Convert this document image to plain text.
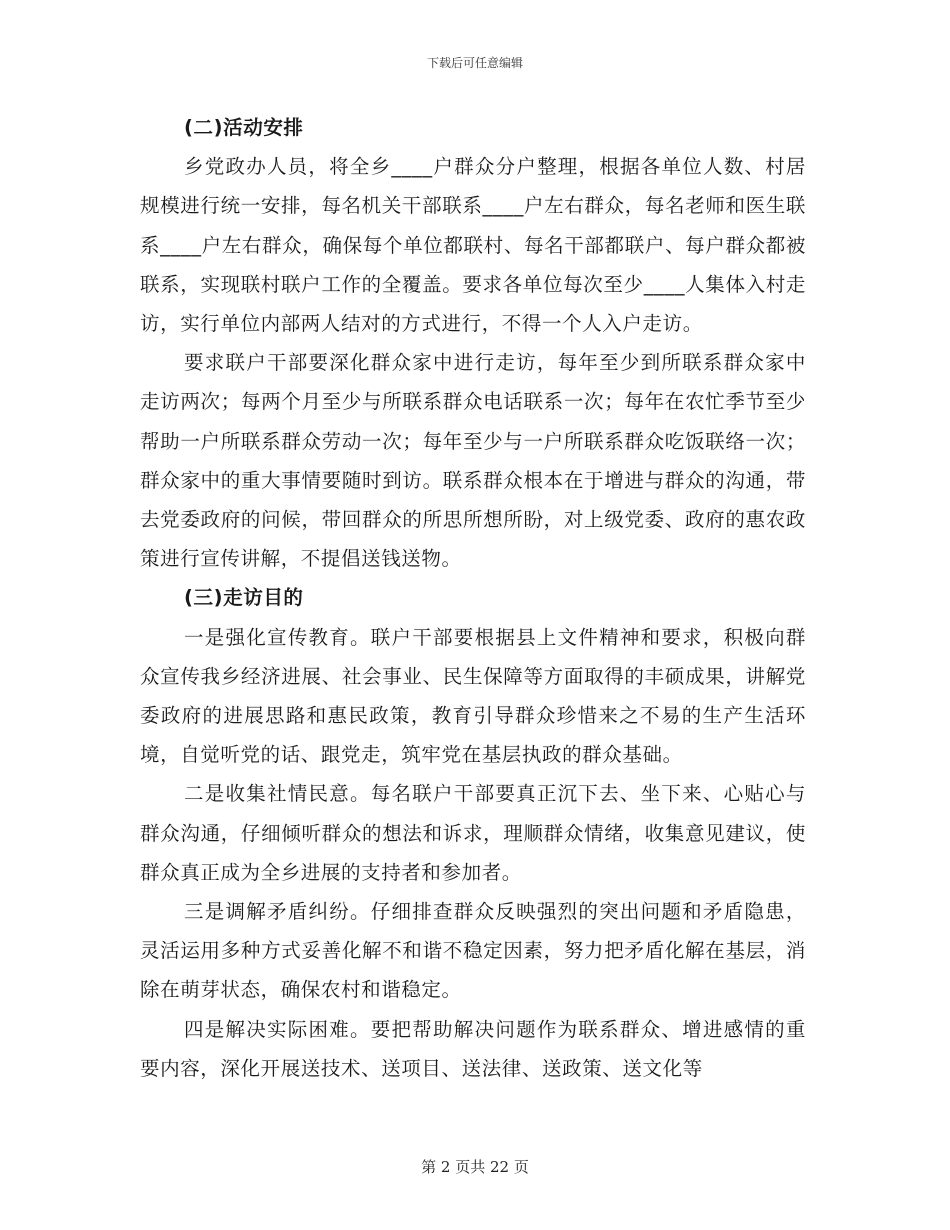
下载后可任意编辑

(二)活动安排

乡党政办人员，将全乡____户群众分户整理，根据各单位人数、村居规模进行统一安排，每名机关干部联系____户左右群众，每名老师和医生联系____户左右群众，确保每个单位都联村、每名干部都联户、每户群众都被联系，实现联村联户工作的全覆盖。要求各单位每次至少____人集体入村走访，实行单位内部两人结对的方式进行，不得一个人入户走访。

要求联户干部要深化群众家中进行走访，每年至少到所联系群众家中走访两次；每两个月至少与所联系群众电话联系一次；每年在农忙季节至少帮助一户所联系群众劳动一次；每年至少与一户所联系群众吃饭联络一次；群众家中的重大事情要随时到访。联系群众根本在于增进与群众的沟通，带去党委政府的问候，带回群众的所思所想所盼，对上级党委、政府的惠农政策进行宣传讲解，不提倡送钱送物。

(三)走访目的

一是强化宣传教育。联户干部要根据县上文件精神和要求，积极向群众宣传我乡经济进展、社会事业、民生保障等方面取得的丰硕成果，讲解党委政府的进展思路和惠民政策，教育引导群众珍惜来之不易的生产生活环境，自觉听党的话、跟党走，筑牢党在基层执政的群众基础。

二是收集社情民意。每名联户干部要真正沉下去、坐下来、心贴心与群众沟通，仔细倾听群众的想法和诉求，理顺群众情绪，收集意见建议，使群众真正成为全乡进展的支持者和参加者。

三是调解矛盾纠纷。仔细排查群众反映强烈的突出问题和矛盾隐患，灵活运用多种方式妥善化解不和谐不稳定因素，努力把矛盾化解在基层，消除在萌芽状态，确保农村和谐稳定。

四是解决实际困难。要把帮助解决问题作为联系群众、增进感情的重要内容，深化开展送技术、送项目、送法律、送政策、送文化等

第 2 页共 22 页
